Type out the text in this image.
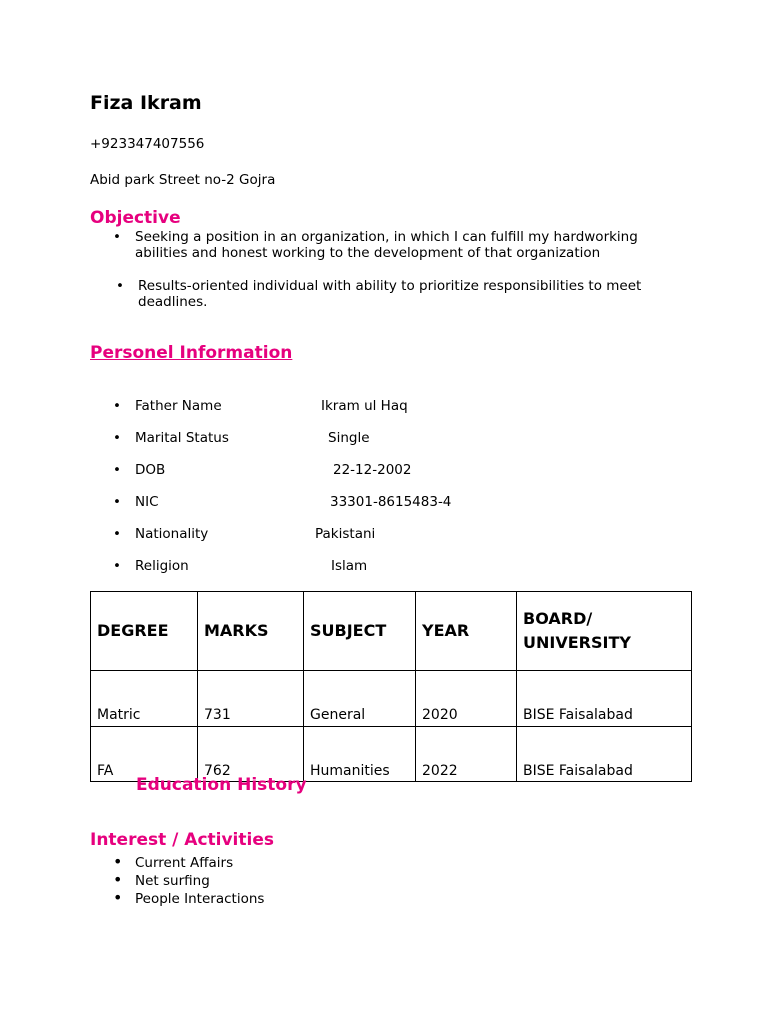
Fiza Ikram
+923347407556
Abid park Street no-2 Gojra
Objective
• Seeking a position in an organization, in which I can fulfill my hardworking
abilities and honest working to the development of that organization
• Results-oriented individual with ability to prioritize responsibilities to meet
deadlines.
Personel Information
• Father Name	Ikram ul Haq
• Marital Status	Single
• DOB	22-12-2002
• NIC	33301-8615483-4
• Nationality	Pakistani
• Religion	Islam
DEGREE	MARKS	SUBJECT	YEAR	BOARD/ UNIVERSITY
Matric	731	General	2020	BISE Faisalabad
FA	762	Humanities	2022	BISE Faisalabad
Education History
Interest / Activities
• Current Affairs
• Net surfing
• People Interactions
